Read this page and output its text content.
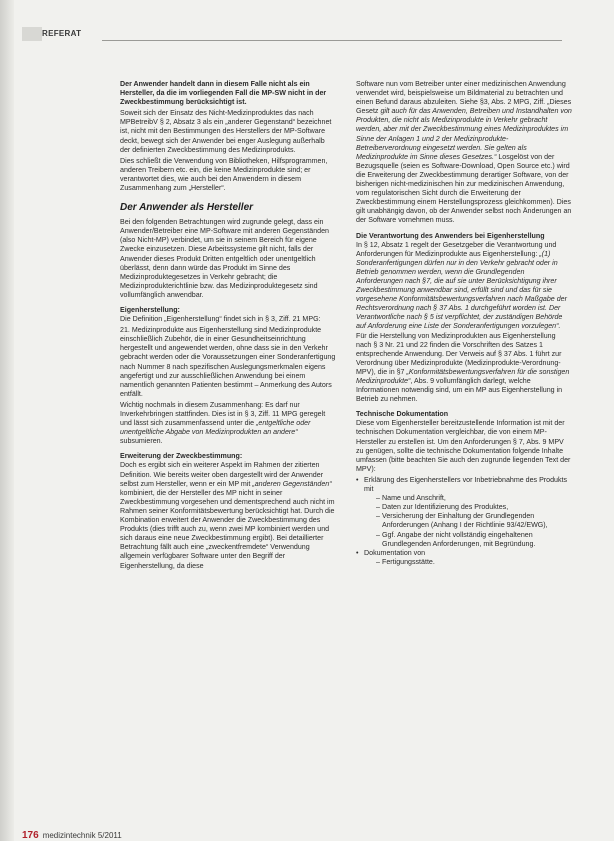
REFERAT

Der Anwender handelt dann in diesem Falle nicht als ein Hersteller, da die im vorliegenden Fall die MP-SW nicht in der Zweckbestimmung berücksichtigt ist.

Soweit sich der Einsatz des Nicht-Medizinproduktes das nach MPBetreibV § 2, Absatz 3 als ein „anderer Gegenstand“ bezeichnet ist, nicht mit den Bestimmungen des Herstellers der MP-Software deckt, bewegt sich der Anwender bei enger Auslegung außerhalb der definierten Zweckbestimmung des Medizinprodukts.

Dies schließt die Verwendung von Bibliotheken, Hilfsprogrammen, anderen Treibern etc. ein, die keine Medizinprodukte sind; er verantwortet dies, wie auch bei den Anwendern in diesem Zusammenhang zum „Hersteller“.

Der Anwender als Hersteller

Bei den folgenden Betrachtungen wird zugrunde gelegt, dass ein Anwender/Betreiber eine MP-Software mit anderen Gegenständen (also Nicht-MP) verbindet, um sie in seinem Bereich für eigene Zwecke einzusetzen. Diese Arbeitssysteme gilt nicht, falls der Anwender dieses Produkt Dritten entgeltlich oder unentgeltlich überlässt, denn dann würde das Produkt im Sinne des Medizinproduktegesetzes in Verkehr gebracht; die Medizinprodukterichtlinie bzw. das Medizinproduktegesetz sind vollumfänglich anwendbar.

Eigenherstellung:

Die Definition „Eigenherstellung“ findet sich in § 3, Ziff. 21 MPG:

21. Medizinprodukte aus Eigenherstellung sind Medizinprodukte einschließlich Zubehör, die in einer Gesundheitseinrichtung hergestellt und angewendet werden, ohne dass sie in den Verkehr gebracht werden oder die Voraussetzungen einer Sonderanfertigung nach Nummer 8 nach spezifischen Auslegungsmerkmalen eigens angefertigt und zur ausschließlichen Anwendung bei einem namentlich genannten Patienten bestimmt – Anmerkung des Autors entfällt.

Wichtig nochmals in diesem Zusammenhang: Es darf nur Inverkehrbringen stattfinden. Dies ist in § 3, Ziff. 11 MPG geregelt und lässt sich zusammenfassend unter die „entgeltliche oder unentgeltliche Abgabe von Medizinprodukten an andere“ subsumieren.

Erweiterung der Zweckbestimmung:

Doch es ergibt sich ein weiterer Aspekt im Rahmen der zitierten Definition. Wie bereits weiter oben dargestellt wird der Anwender selbst zum Hersteller, wenn er ein MP mit „anderen Gegenständen“ kombiniert, die der Hersteller des MP nicht in seiner Zweckbestimmung vorgesehen und dementsprechend auch nicht im Rahmen seiner Konformitätsbewertung berücksichtigt hat. Durch die Kombination erweitert der Anwender die Zweckbestimmung des Produkts (dies trifft auch zu, wenn zwei MP kombiniert werden und sich daraus eine neue Zweckbestimmung ergibt). Bei detaillierter Betrachtung fällt auch eine „zweckentfremdete“ Verwendung allgemein verfügbarer Software unter den Begriff der Eigenherstellung, da diese

Software nun vom Betreiber unter einer medizinischen Anwendung verwendet wird, beispielsweise um Bildmaterial zu betrachten und einen Befund daraus abzuleiten. Siehe §3, Abs. 2 MPG, Ziff. „Dieses Gesetz gilt auch für das Anwenden, Betreiben und Instandhalten von Produkten, die nicht als Medizinprodukte in Verkehr gebracht werden, aber mit der Zweckbestimmung eines Medizinproduktes im Sinne der Anlagen 1 und 2 der Medizinprodukte-Betreiberverordnung eingesetzt werden. Sie gelten als Medizinprodukte im Sinne dieses Gesetzes.“ Losgelöst von der Bezugsquelle (seien es Software-Download, Open Source etc.) wird die Erweiterung der Zweckbestimmung derartiger Software, von der bisherigen nicht-medizinischen hin zur medizinischen Anwendung, vom regulatorischen Sicht durch die Erweiterung der Zweckbestimmung einem Herstellungsprozess gleichkommen). Dies gilt unabhängig davon, ob der Anwender selbst noch Änderungen an der Software vornehmen muss.

Die Verantwortung des Anwenders bei Eigenherstellung

In § 12, Absatz 1 regelt der Gesetzgeber die Verantwortung und Anforderungen für Medizinprodukte aus Eigenherstellung: „(1) Sonderanfertigungen dürfen nur in den Verkehr gebracht oder in Betrieb genommen werden, wenn die Grundlegenden Anforderungen nach §7, die auf sie unter Berücksichtigung ihrer Zweckbestimmung anwendbar sind, erfüllt sind und das für sie vorgesehene Konformitätsbewertungsverfahren nach Maßgabe der Rechtsverordnung nach § 37 Abs. 1 durchgeführt worden ist. Der Verantwortliche nach § 5 ist verpflichtet, der zuständigen Behörde auf Anforderung eine Liste der Sonderanfertigungen vorzulegen“. Für die Herstellung von Medizinprodukten aus Eigenherstellung nach § 3 Nr. 21 und 22 finden die Vorschriften des Satzes 1 entsprechende Anwendung. Der Verweis auf § 37 Abs. 1 führt zur Verordnung über Medizinprodukte (Medizinprodukte-Verordnung-MPV), die in §7 „Konformitätsbewertungsverfahren für die sonstigen Medizinprodukte“, Abs. 9 vollumfänglich darlegt, welche Informationen notwendig sind, um ein MP aus Eigenherstellung in Betrieb zu nehmen.

Technische Dokumentation

Diese vom Eigenhersteller bereitzustellende Information ist mit der technischen Dokumentation vergleichbar, die von einem MP-Hersteller zu erstellen ist. Um den Anforderungen § 7, Abs. 9 MPV zu genügen, sollte die technische Dokumentation folgende Inhalte umfassen (bitte beachten Sie auch den zugrunde liegenden Text der MPV):

• Erklärung des Eigenherstellers vor Inbetriebnahme des Produkts mit
– Name und Anschrift,
– Daten zur Identifizierung des Produktes,
– Versicherung der Einhaltung der Grundlegenden Anforderungen (Anhang I der Richtlinie 93/42/EWG),
– Ggf. Angabe der nicht vollständig eingehaltenen Grundlegenden Anforderungen, mit Begründung.
• Dokumentation von
– Fertigungsstätte.
176 medizintechnik 5/2011
